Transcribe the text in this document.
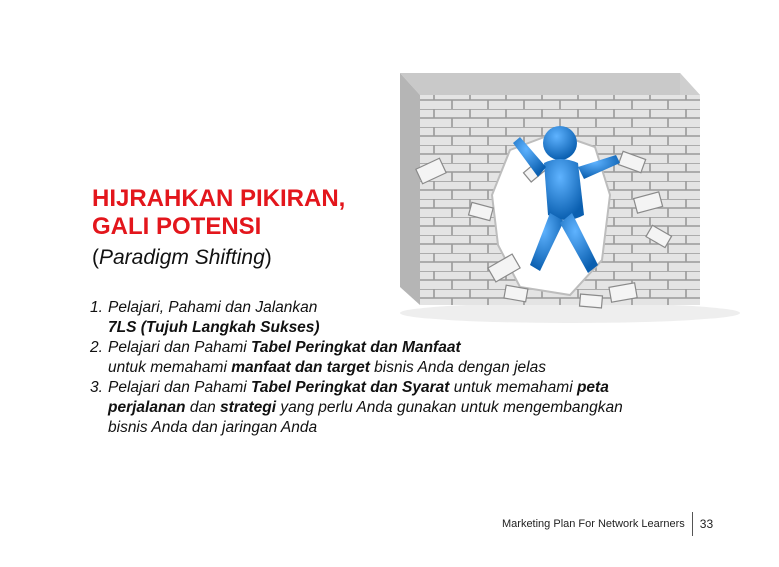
HIJRAHKAN PIKIRAN,
GALI POTENSI
(Paradigm Shifting)
1. Pelajari, Pahami dan Jalankan
7LS (Tujuh Langkah Sukses)
2. Pelajari dan Pahami Tabel Peringkat dan Manfaat
untuk memahami manfaat dan target bisnis Anda dengan jelas
3. Pelajari dan Pahami Tabel Peringkat dan Syarat untuk memahami peta
perjalanan dan strategi yang perlu Anda gunakan untuk mengembangkan
bisnis Anda dan jaringan Anda
Marketing Plan For Network Learners	33
